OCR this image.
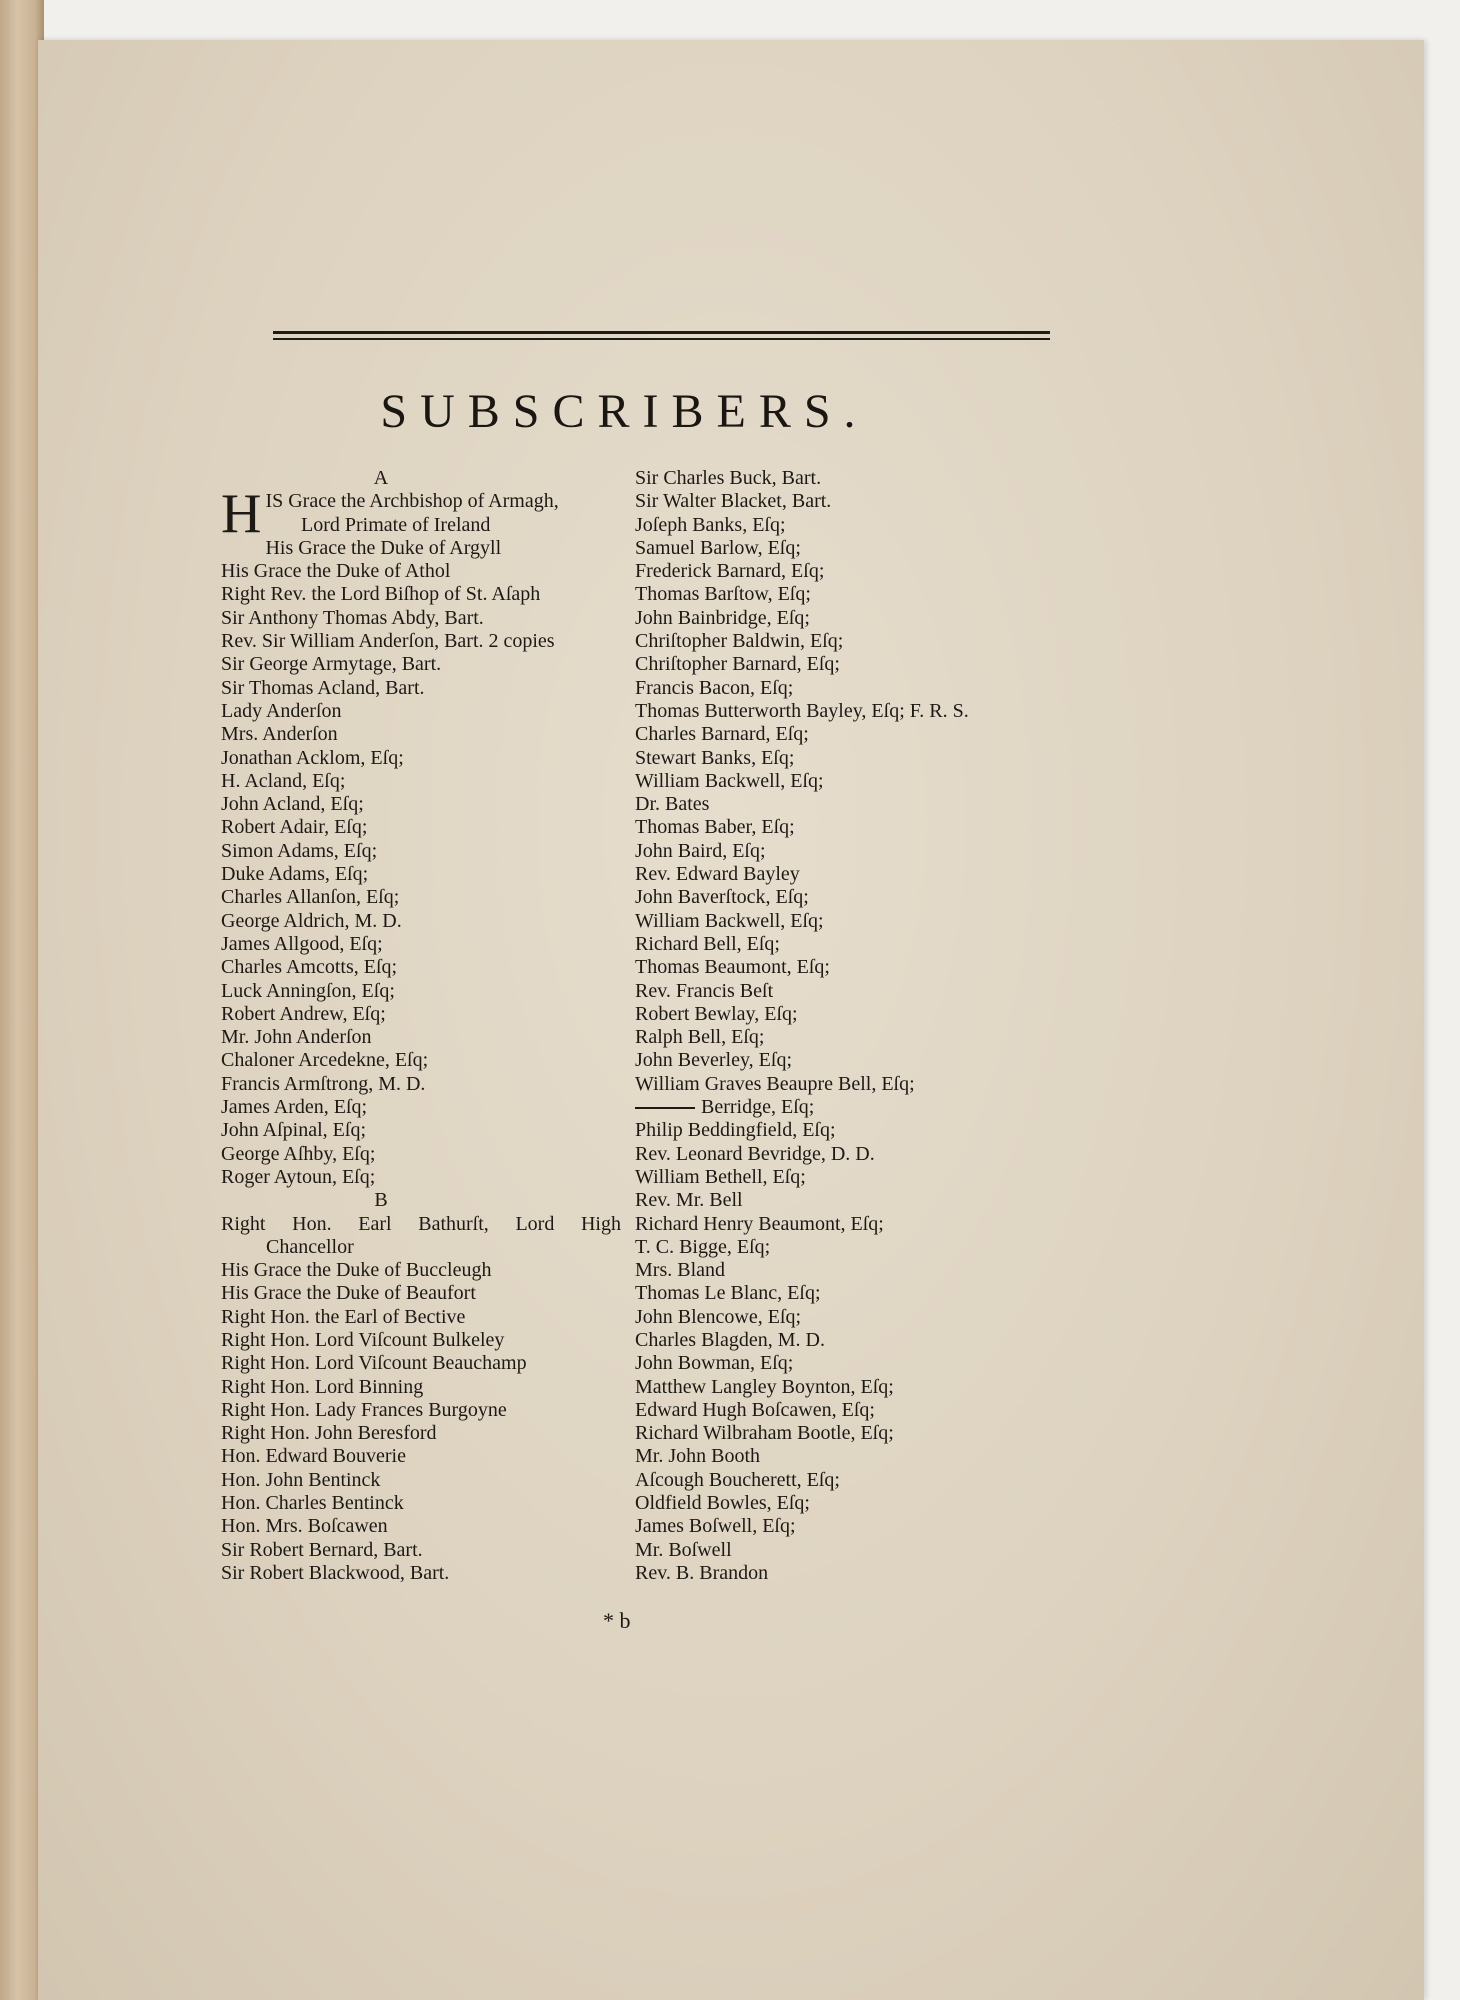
SUBSCRIBERS.
A
HIS Grace the Archbishop of Armagh,
Lord Primate of Ireland
His Grace the Duke of Argyll
His Grace the Duke of Athol
Right Rev. the Lord Biſhop of St. Aſaph
Sir Anthony Thomas Abdy, Bart.
Rev. Sir William Anderſon, Bart. 2 copies
Sir George Armytage, Bart.
Sir Thomas Acland, Bart.
Lady Anderſon
Mrs. Anderſon
Jonathan Acklom, Eſq;
H. Acland, Eſq;
John Acland, Eſq;
Robert Adair, Eſq;
Simon Adams, Eſq;
Duke Adams, Eſq;
Charles Allanſon, Eſq;
George Aldrich, M. D.
James Allgood, Eſq;
Charles Amcotts, Eſq;
Luck Anningſon, Eſq;
Robert Andrew, Eſq;
Mr. John Anderſon
Chaloner Arcedekne, Eſq;
Francis Armſtrong, M. D.
James Arden, Eſq;
John Aſpinal, Eſq;
George Aſhby, Eſq;
Roger Aytoun, Eſq;
B
Right Hon. Earl Bathurſt, Lord High
Chancellor
His Grace the Duke of Buccleugh
His Grace the Duke of Beaufort
Right Hon. the Earl of Bective
Right Hon. Lord Viſcount Bulkeley
Right Hon. Lord Viſcount Beauchamp
Right Hon. Lord Binning
Right Hon. Lady Frances Burgoyne
Right Hon. John Beresford
Hon. Edward Bouverie
Hon. John Bentinck
Hon. Charles Bentinck
Hon. Mrs. Boſcawen
Sir Robert Bernard, Bart.
Sir Robert Blackwood, Bart.
Sir Charles Buck, Bart.
Sir Walter Blacket, Bart.
Joſeph Banks, Eſq;
Samuel Barlow, Eſq;
Frederick Barnard, Eſq;
Thomas Barſtow, Eſq;
John Bainbridge, Eſq;
Chriſtopher Baldwin, Eſq;
Chriſtopher Barnard, Eſq;
Francis Bacon, Eſq;
Thomas Butterworth Bayley, Eſq; F. R. S.
Charles Barnard, Eſq;
Stewart Banks, Eſq;
William Backwell, Eſq;
Dr. Bates
Thomas Baber, Eſq;
John Baird, Eſq;
Rev. Edward Bayley
John Baverſtock, Eſq;
William Backwell, Eſq;
Richard Bell, Eſq;
Thomas Beaumont, Eſq;
Rev. Francis Beſt
Robert Bewlay, Eſq;
Ralph Bell, Eſq;
John Beverley, Eſq;
William Graves Beaupre Bell, Eſq;
Berridge, Eſq;
Philip Beddingfield, Eſq;
Rev. Leonard Bevridge, D. D.
William Bethell, Eſq;
Rev. Mr. Bell
Richard Henry Beaumont, Eſq;
T. C. Bigge, Eſq;
Mrs. Bland
Thomas Le Blanc, Eſq;
John Blencowe, Eſq;
Charles Blagden, M. D.
John Bowman, Eſq;
Matthew Langley Boynton, Eſq;
Edward Hugh Boſcawen, Eſq;
Richard Wilbraham Bootle, Eſq;
Mr. John Booth
Aſcough Boucherett, Eſq;
Oldfield Bowles, Eſq;
James Boſwell, Eſq;
Mr. Boſwell
Rev. B. Brandon
* b
